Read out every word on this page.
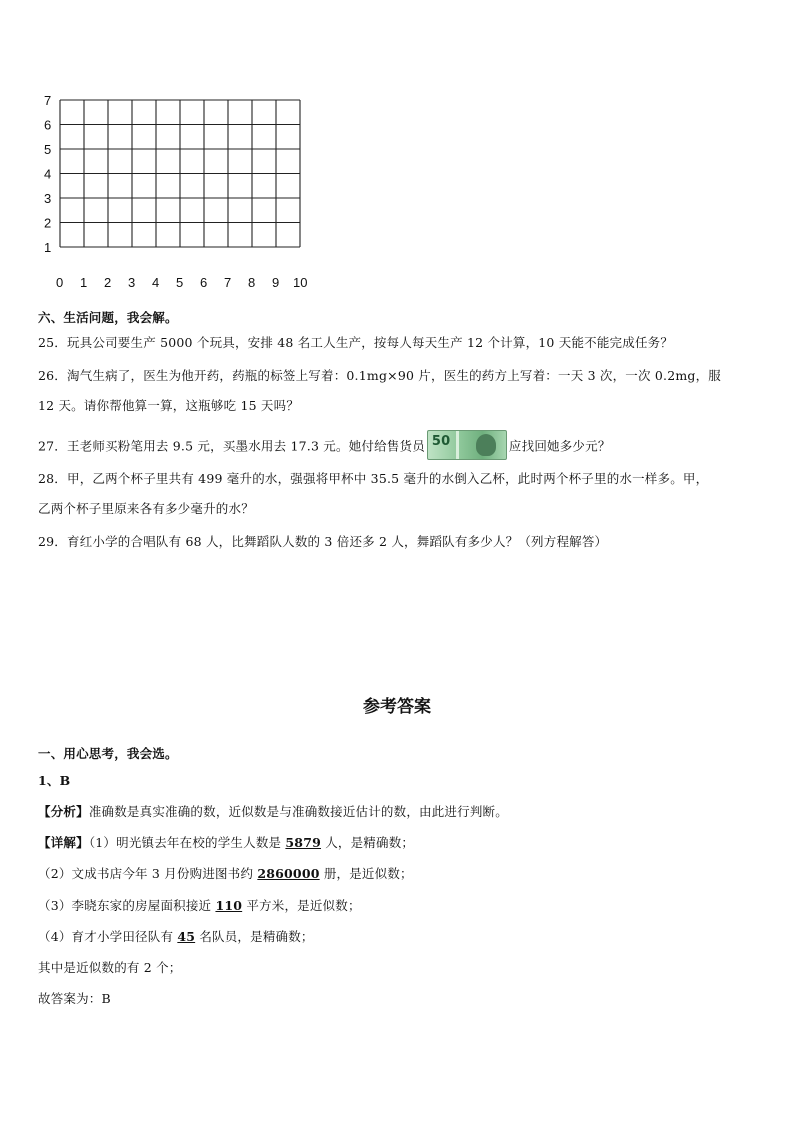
7
6
5
4
3
2
1
0 1 2 3 4 5 6 7 8 9 10
六、生活问题，我会解。
25．玩具公司要生产 5000 个玩具，安排 48 名工人生产，按每人每天生产 12 个计算，10 天能不能完成任务？
26．淘气生病了，医生为他开药，药瓶的标签上写着：0.1mg×90 片，医生的药方上写着：一天 3 次，一次 0.2mg，服
12 天。请你帮他算一算，这瓶够吃 15 天吗？
27．王老师买粉笔用去 9.5 元，买墨水用去 17.3 元。她付给售货员 50	应找回她多少元？
28．甲，乙两个杯子里共有 499 毫升的水，强强将甲杯中 35.5 毫升的水倒入乙杯，此时两个杯子里的水一样多。甲，
乙两个杯子里原来各有多少毫升的水？
29．育红小学的合唱队有 68 人，比舞蹈队人数的 3 倍还多 2 人，舞蹈队有多少人？（列方程解答）
参考答案
一、用心思考，我会选。
1、B
【分析】准确数是真实准确的数，近似数是与准确数接近估计的数，由此进行判断。
【详解】（1）明光镇去年在校的学生人数是 5879 人，是精确数；
（2）文成书店今年 3 月份购进图书约 2860000 册，是近似数；
（3）李晓东家的房屋面积接近 110 平方米，是近似数；
（4）育才小学田径队有 45 名队员，是精确数；
其中是近似数的有 2 个；
故答案为：B
